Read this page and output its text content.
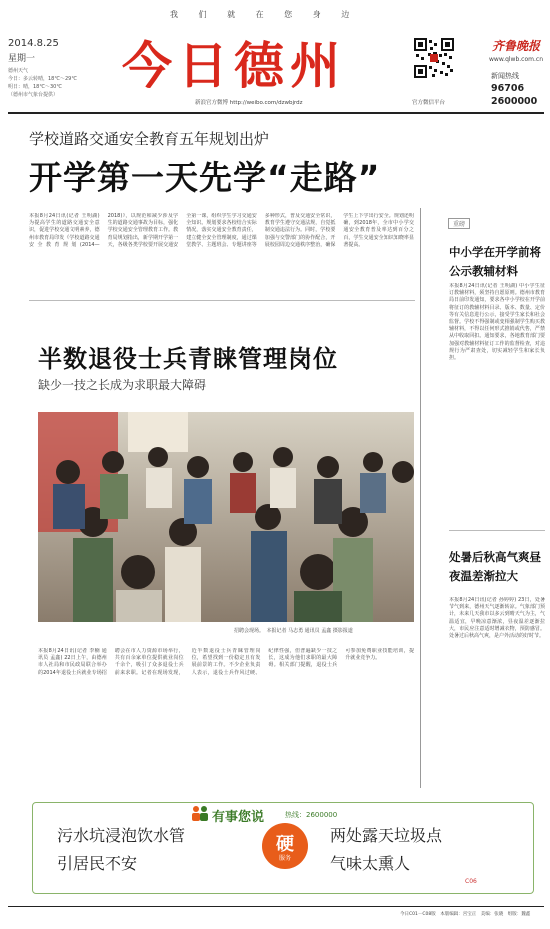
我 们 就 在 您 身 边
2014.8.25
星期一
德州天气
今日：多云转晴，18℃～29℃
明日：晴，18℃～30℃
（德州市气象台提供）	今日德州
新浪官方微博 http://weibo.com/dzwbjrdz	官方微信平台
齐鲁晚报
www.qlwb.com.cn
新闻热线
96706
2600000
学校道路交通安全教育五年规划出炉
开学第一天先学“走路”
本报8月24日讯(记者 王明湖) 为提高学生的道路交通安全意识，促进学校交通文明素养，德州市教育局印发《学校道路交通安全教育规划(2014—2018)》，以规范和减少涉及学生的道路交通事故为目标，强化学校交通安全管理教育工作。教育局规划指出，新学期开学第一天，各级各类学校要开展交通安全第一课，组织学生学习交通安全知识。规划要求各校结合实际情况，落实交通安全教育责任，建立健全安全管理制度，通过课堂教学、主题班会、专题讲座等多种形式，普及交通安全常识，教育学生遵守交通法规，自觉抵制交通违法行为。同时，学校要加强与交警部门的协作配合，开展校园周边交通秩序整治，确保学生上下学出行安全。规划还明确，到2018年，全市中小学交通安全教育普及率达到百分之百，学生交通安全知识知晓率显著提高。
重磅
中小学在开学前将公示教辅材料
本报8月24日讯(记者 王明湖) 中小学生征订教辅材料，须坚持自愿原则。德州市教育局日前印发通知，要求各中小学校在开学前将征订的教辅材料目录、版本、数量、定价等有关信息进行公示，接受学生家长和社会监督。学校不得强制或变相强制学生购买教辅材料，不得以任何形式推销或代售，严禁从中收取回扣。通知要求，各地教育部门要加强对教辅材料征订工作的监督检查，对违规行为严肃查处，切实减轻学生和家长负担。
处暑后秋高气爽昼夜温差渐拉大
本报8月24日讯(记者 孙婷婷) 23日，处暑节气到来，德州天气逐渐转凉。气象部门预计，未来几天我市以多云到晴天气为主，气温适宜，早晚凉意渐浓，昼夜温差逐渐拉大，市民应注意适时增减衣物，预防感冒。处暑过后秋高气爽，是户外活动的好时节。
半数退役士兵青睐管理岗位
缺少一技之长成为求职最大障碍
招聘会现场。　本报记者 马志勇 通讯员 孟鑫 摄影报道
本报8月24日讯(记者 李楠 通讯员 孟鑫) 22日上午，由德州市人社局和市民政局联合举办的2014年退役士兵就业专场招聘会在市人力资源市场举行，共有百余家单位提供就业岗位千余个，吸引了众多退役士兵前来求职。记者在现场发现，近半数退役士兵青睐管理岗位，希望找到一份稳定且有发展前景的工作。不少企业负责人表示，退役士兵作风过硬、纪律性强，但普遍缺少一技之长，这成为他们求职的最大障碍。相关部门提醒，退役士兵可参加免费职业技能培训，提升就业竞争力。
有事您说	热线：2600000
污水坑浸泡饮水管
引居民不安
硬
服务
两处露天垃圾点
气味太熏人
C06
今日C01－C08版　本版编辑：宫宝正　美编：张晓　组版：魏鑫
